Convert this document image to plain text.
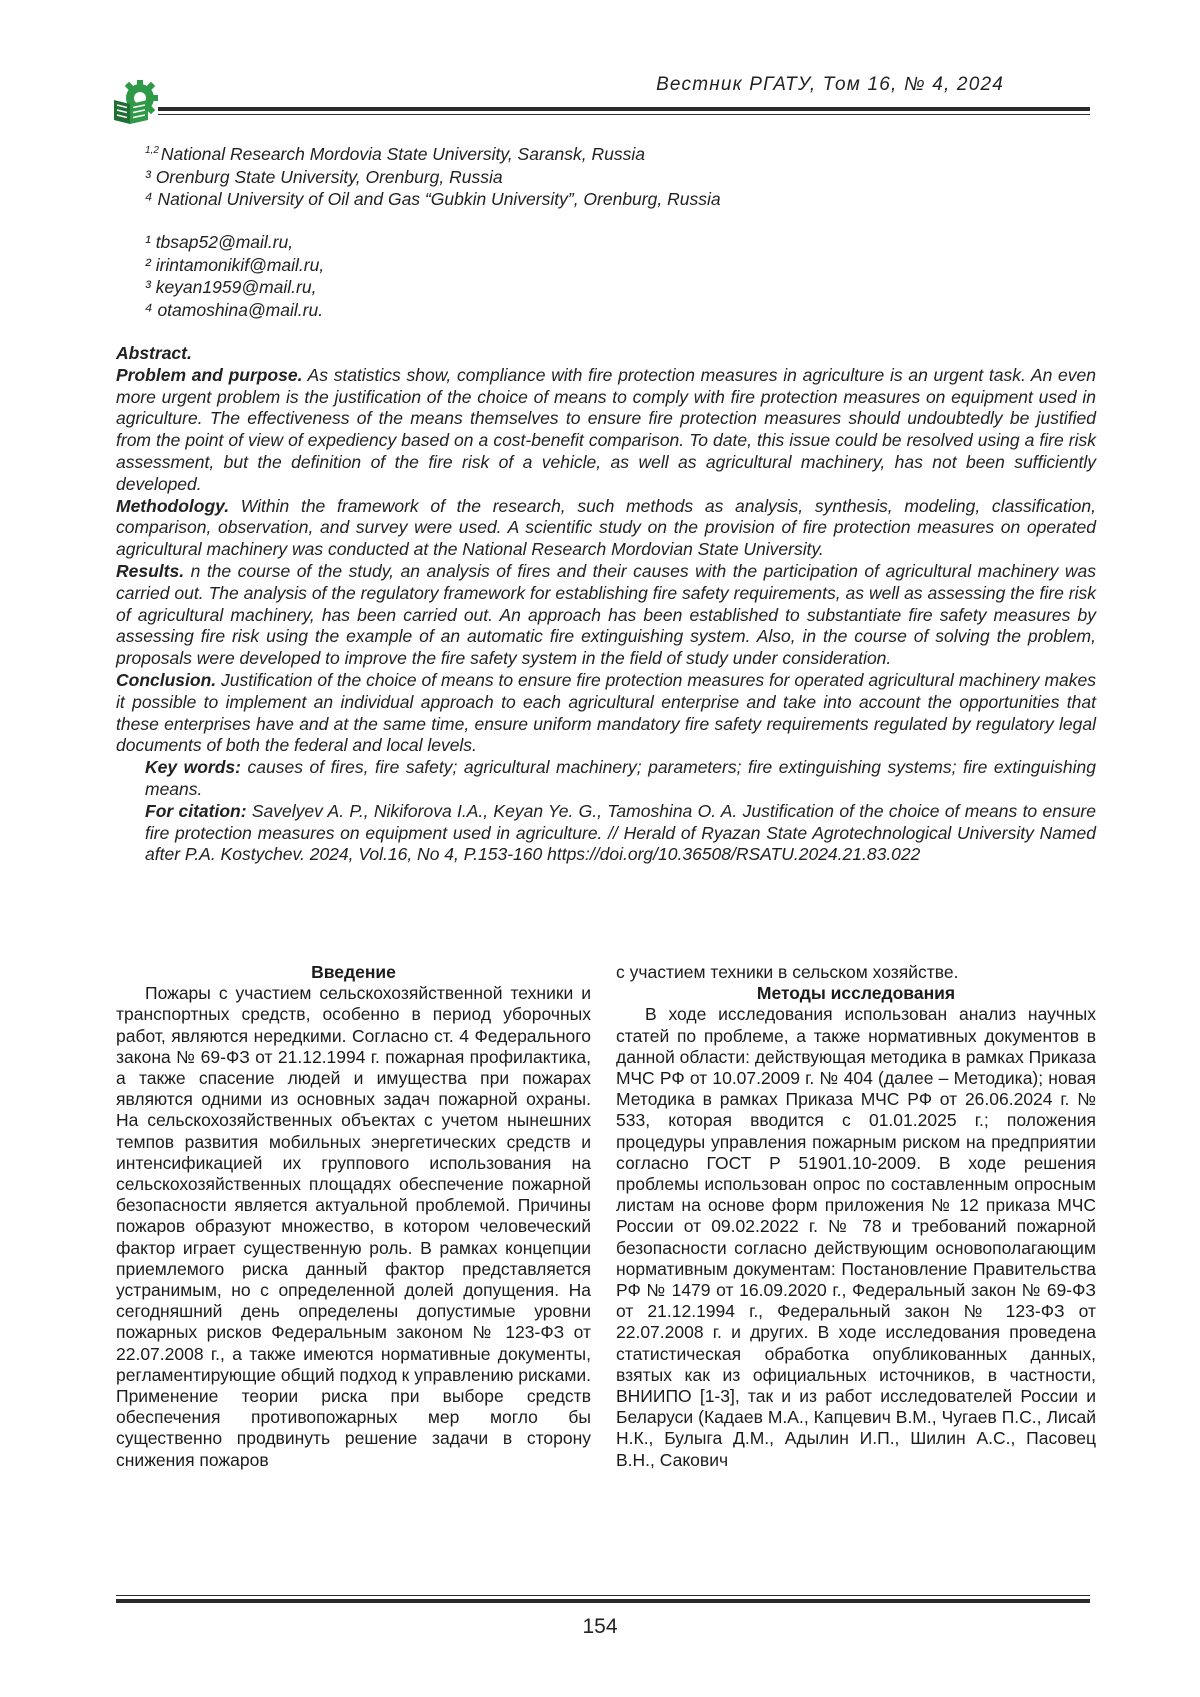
Вестник РГАТУ, Том 16, № 4, 2024
$^{1,2}$ National Research Mordovia State University, Saransk, Russia
³ Orenburg State University, Orenburg, Russia
⁴ National University of Oil and Gas “Gubkin University”, Orenburg, Russia
¹ tbsap52@mail.ru,
² irintamonikif@mail.ru,
³ keyan1959@mail.ru,
⁴ otamoshina@mail.ru.

Abstract.

Problem and purpose. As statistics show, compliance with fire protection measures in agriculture is an urgent task. An even more urgent problem is the justification of the choice of means to comply with fire protection measures on equipment used in agriculture. The effectiveness of the means themselves to ensure fire protection measures should undoubtedly be justified from the point of view of expediency based on a cost-benefit comparison. To date, this issue could be resolved using a fire risk assessment, but the definition of the fire risk of a vehicle, as well as agricultural machinery, has not been sufficiently developed.

Methodology. Within the framework of the research, such methods as analysis, synthesis, modeling, classification, comparison, observation, and survey were used. A scientific study on the provision of fire protection measures on operated agricultural machinery was conducted at the National Research Mordovian State University.

Results. n the course of the study, an analysis of fires and their causes with the participation of agricultural machinery was carried out. The analysis of the regulatory framework for establishing fire safety requirements, as well as assessing the fire risk of agricultural machinery, has been carried out. An approach has been established to substantiate fire safety measures by assessing fire risk using the example of an automatic fire extinguishing system. Also, in the course of solving the problem, proposals were developed to improve the fire safety system in the field of study under consideration.

Conclusion. Justification of the choice of means to ensure fire protection measures for operated agricultural machinery makes it possible to implement an individual approach to each agricultural enterprise and take into account the opportunities that these enterprises have and at the same time, ensure uniform mandatory fire safety requirements regulated by regulatory legal documents of both the federal and local levels.

Key words: causes of fires, fire safety; agricultural machinery; parameters; fire extinguishing systems; fire extinguishing means.

For citation: Savelyev A. P., Nikiforova I.A., Keyan Ye. G., Tamoshina O. A. Justification of the choice of means to ensure fire protection measures on equipment used in agriculture. // Herald of Ryazan State Agrotechnological University Named after P.A. Kostychev. 2024, Vol.16, No 4, P.153-160 https://doi.org/10.36508/RSATU.2024.21.83.022

Введение

Пожары с участием сельскохозяйственной техники и транспортных средств, особенно в период уборочных работ, являются нередкими. Согласно ст. 4 Федерального закона № 69-ФЗ от 21.12.1994 г. пожарная профилактика, а также спасение людей и имущества при пожарах являются одними из основных задач пожарной охраны. На сельскохозяйственных объектах с учетом нынешних темпов развития мобильных энергетических средств и интенсификацией их группового использования на сельскохозяйственных площадях обеспечение пожарной безопасности является актуальной проблемой. Причины пожаров образуют множество, в котором человеческий фактор играет существенную роль. В рамках концепции приемлемого риска данный фактор представляется устранимым, но с определенной долей допущения. На сегодняшний день определены допустимые уровни пожарных рисков Федеральным законом № 123-ФЗ от 22.07.2008 г., а также имеются нормативные документы, регламентирующие общий подход к управлению рисками. Применение теории риска при выборе средств обеспечения противопожарных мер могло бы существенно продвинуть решение задачи в сторону снижения пожаров

с участием техники в сельском хозяйстве.

Методы исследования

В ходе исследования использован анализ научных статей по проблеме, а также нормативных документов в данной области: действующая методика в рамках Приказа МЧС РФ от 10.07.2009 г. № 404 (далее – Методика); новая Методика в рамках Приказа МЧС РФ от 26.06.2024 г. № 533, которая вводится с 01.01.2025 г.; положения процедуры управления пожарным риском на предприятии согласно ГОСТ Р 51901.10-2009. В ходе решения проблемы использован опрос по составленным опросным листам на основе форм приложения № 12 приказа МЧС России от 09.02.2022 г. № 78 и требований пожарной безопасности согласно действующим основополагающим нормативным документам: Постановление Правительства РФ № 1479 от 16.09.2020 г., Федеральный закон № 69-ФЗ от 21.12.1994 г., Федеральный закон № 123-ФЗ от 22.07.2008 г. и других. В ходе исследования проведена статистическая обработка опубликованных данных, взятых как из официальных источников, в частности, ВНИИПО [1-3], так и из работ исследователей России и Беларуси (Кадаев М.А., Капцевич В.М., Чугаев П.С., Лисай Н.К., Булыга Д.М., Адылин И.П., Шилин А.С., Пасовец В.Н., Сакович

154
